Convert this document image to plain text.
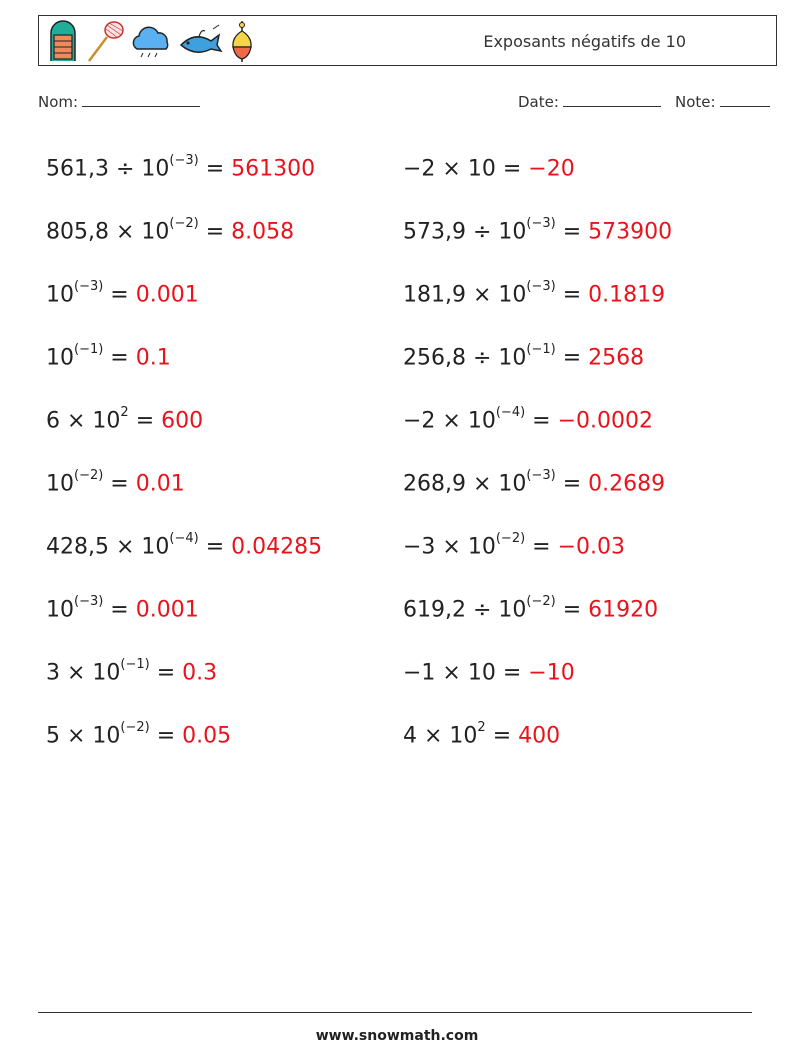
Exposants négatifs de 10
Nom:	Date:	Note:
$561,3 \div 10^{(-3)} = 561300$
$805,8 \times 10^{(-2)} = 8.058$
$10^{(-3)} = 0.001$
$10^{(-1)} = 0.1$
$6 \times 10^2 = 600$
$10^{(-2)} = 0.01$
$428,5 \times 10^{(-4)} = 0.04285$
$10^{(-3)} = 0.001$
$3 \times 10^{(-1)} = 0.3$
$5 \times 10^{(-2)} = 0.05$
−2 × 10 = −20
$573,9 \div 10^{(-3)} = 573900$
$181,9 \times 10^{(-3)} = 0.1819$
$256,8 \div 10^{(-1)} = 2568$
$-2 \times 10^{(-4)} = -0.0002$
$268,9 \times 10^{(-3)} = 0.2689$
$-3 \times 10^{(-2)} = -0.03$
$619,2 \div 10^{(-2)} = 61920$
−1 × 10 = −10
$4 \times 10^2 = 400$
www.snowmath.com
